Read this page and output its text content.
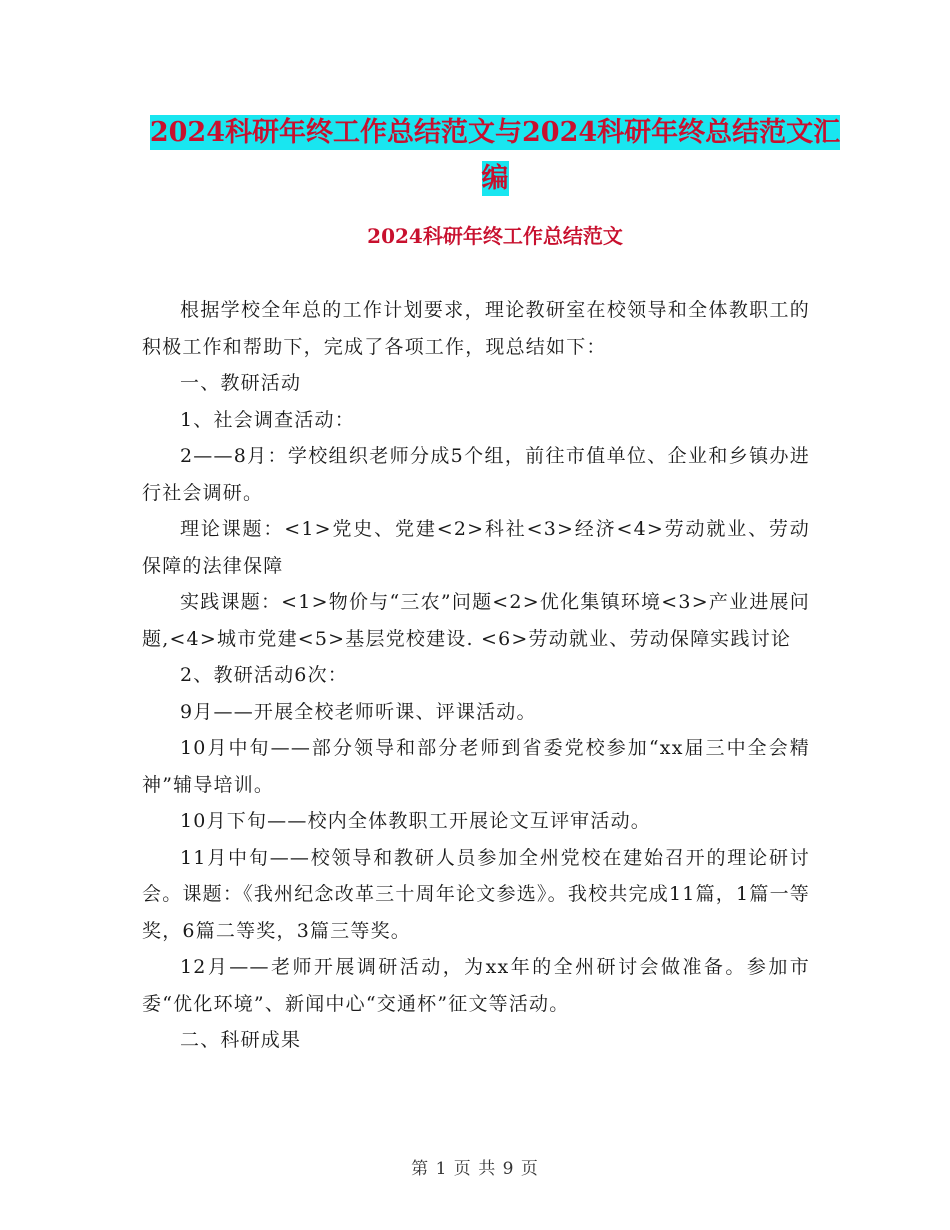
2024科研年终工作总结范文与2024科研年终总结范文汇编
2024科研年终工作总结范文

根据学校全年总的工作计划要求，理论教研室在校领导和全体教职工的积极工作和帮助下，完成了各项工作，现总结如下：

一、教研活动

1、社会调查活动：

2——8月：学校组织老师分成5个组，前往市值单位、企业和乡镇办进行社会调研。

理论课题：<1>党史、党建<2>科社<3>经济<4>劳动就业、劳动保障的法律保障

实践课题：<1>物价与“三农”问题<2>优化集镇环境<3>产业进展问题,<4>城市党建<5>基层党校建设. <6>劳动就业、劳动保障实践讨论

2、教研活动6次：

9月——开展全校老师听课、评课活动。

10月中旬——部分领导和部分老师到省委党校参加“xx届三中全会精神”辅导培训。

10月下旬——校内全体教职工开展论文互评审活动。

11月中旬——校领导和教研人员参加全州党校在建始召开的理论研讨会。课题：《我州纪念改革三十周年论文参选》。我校共完成11篇，1篇一等奖，6篇二等奖，3篇三等奖。

12月——老师开展调研活动，为xx年的全州研讨会做准备。参加市委“优化环境”、新闻中心“交通杯”征文等活动。

二、科研成果

第 1 页 共 9 页
